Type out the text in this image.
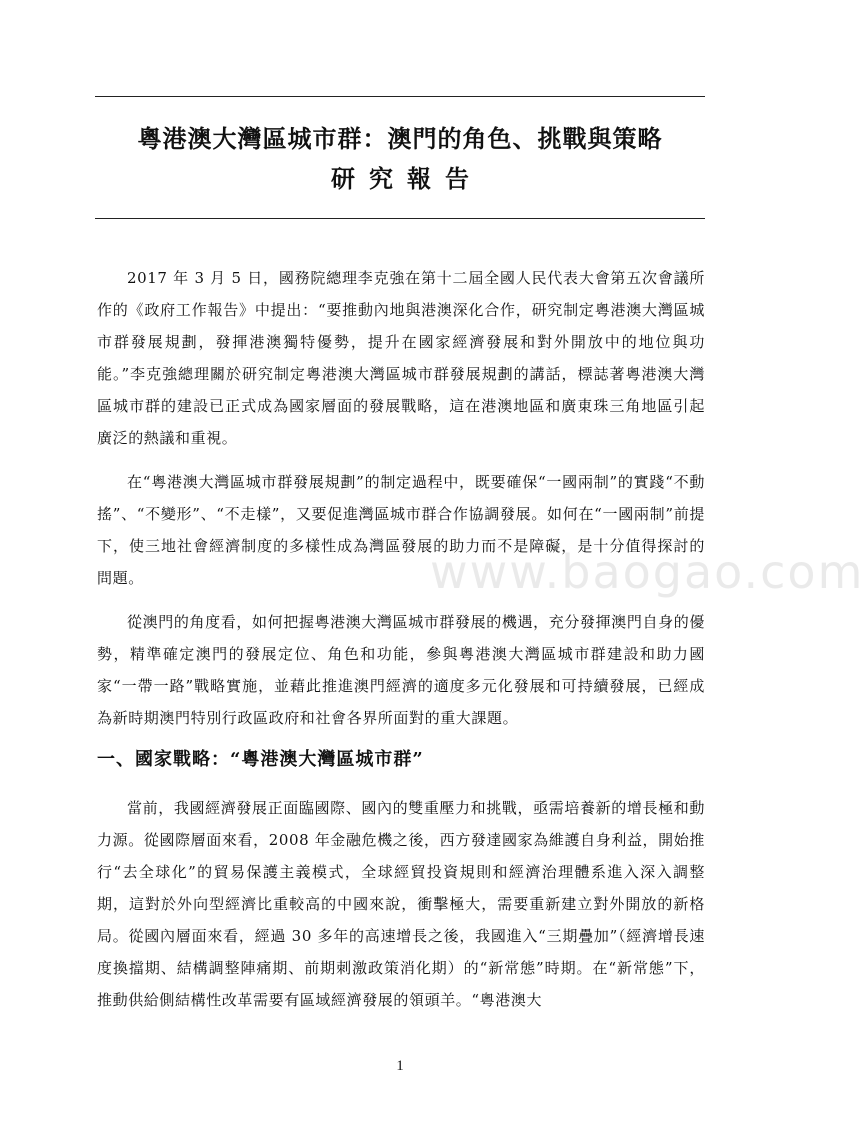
粵港澳大灣區城市群：澳門的角色、挑戰與策略
研究報告
www.baogao.com

2017 年 3 月 5 日，國務院總理李克強在第十二屆全國人民代表大會第五次會議所作的《政府工作報告》中提出：“要推動內地與港澳深化合作，研究制定粵港澳大灣區城市群發展規劃，發揮港澳獨特優勢，提升在國家經濟發展和對外開放中的地位與功能。”李克強總理關於研究制定粵港澳大灣區城市群發展規劃的講話，標誌著粵港澳大灣區城市群的建設已正式成為國家層面的發展戰略，這在港澳地區和廣東珠三角地區引起廣泛的熱議和重視。

在“粵港澳大灣區城市群發展規劃”的制定過程中，既要確保“一國兩制”的實踐“不動搖”、“不變形”、“不走樣”，又要促進灣區城市群合作協調發展。如何在“一國兩制”前提下，使三地社會經濟制度的多樣性成為灣區發展的助力而不是障礙，是十分值得探討的問題。

從澳門的角度看，如何把握粵港澳大灣區城市群發展的機遇，充分發揮澳門自身的優勢，精準確定澳門的發展定位、角色和功能，參與粵港澳大灣區城市群建設和助力國家“一帶一路”戰略實施，並藉此推進澳門經濟的適度多元化發展和可持續發展，已經成為新時期澳門特別行政區政府和社會各界所面對的重大課題。

一、國家戰略：“粵港澳大灣區城市群”

當前，我國經濟發展正面臨國際、國內的雙重壓力和挑戰，亟需培養新的增長極和動力源。從國際層面來看，2008 年金融危機之後，西方發達國家為維護自身利益，開始推行“去全球化”的貿易保護主義模式，全球經貿投資規則和經濟治理體系進入深入調整期，這對於外向型經濟比重較高的中國來說，衝擊極大，需要重新建立對外開放的新格局。從國內層面來看，經過 30 多年的高速增長之後，我國進入“三期疊加”（經濟增長速度換擋期、結構調整陣痛期、前期刺激政策消化期）的“新常態”時期。在“新常態”下，推動供給側結構性改革需要有區域經濟發展的領頭羊。“粵港澳大

1
